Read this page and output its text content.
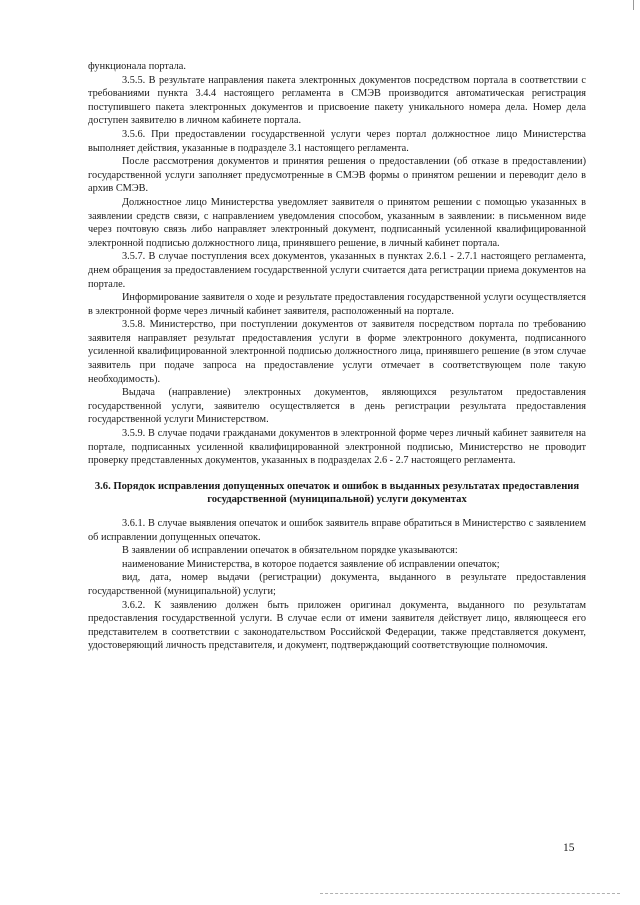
функционала портала.

3.5.5. В результате направления пакета электронных документов посредством портала в соответствии с требованиями пункта 3.4.4 настоящего регламента в СМЭВ производится автоматическая регистрация поступившего пакета электронных документов и присвоение пакету уникального номера дела. Номер дела доступен заявителю в личном кабинете портала.

3.5.6. При предоставлении государственной услуги через портал должностное лицо Министерства выполняет действия, указанные в подразделе 3.1 настоящего регламента.

После рассмотрения документов и принятия решения о предоставлении (об отказе в предоставлении) государственной услуги заполняет предусмотренные в СМЭВ формы о принятом решении и переводит дело в архив СМЭВ.

Должностное лицо Министерства уведомляет заявителя о принятом решении с помощью указанных в заявлении средств связи, с направлением уведомления способом, указанным в заявлении: в письменном виде через почтовую связь либо направляет электронный документ, подписанный усиленной квалифицированной электронной подписью должностного лица, принявшего решение, в личный кабинет портала.

3.5.7. В случае поступления всех документов, указанных в пунктах 2.6.1 - 2.7.1 настоящего регламента, днем обращения за предоставлением государственной услуги считается дата регистрации приема документов на портале.

Информирование заявителя о ходе и результате предоставления государственной услуги осуществляется в электронной форме через личный кабинет заявителя, расположенный на портале.

3.5.8. Министерство, при поступлении документов от заявителя посредством портала по требованию заявителя направляет результат предоставления услуги в форме электронного документа, подписанного усиленной квалифицированной электронной подписью должностного лица, принявшего решение (в этом случае заявитель при подаче запроса на предоставление услуги отмечает в соответствующем поле такую необходимость).

Выдача (направление) электронных документов, являющихся результатом предоставления государственной услуги, заявителю осуществляется в день регистрации результата предоставления государственной услуги Министерством.

3.5.9. В случае подачи гражданами документов в электронной форме через личный кабинет заявителя на портале, подписанных усиленной квалифицированной электронной подписью, Министерство не проводит проверку представленных документов, указанных в подразделах 2.6 - 2.7 настоящего регламента.

3.6. Порядок исправления допущенных опечаток и ошибок в выданных результатах предоставления государственной (муниципальной) услуги документах

3.6.1. В случае выявления опечаток и ошибок заявитель вправе обратиться в Министерство с заявлением об исправлении допущенных опечаток.

В заявлении об исправлении опечаток в обязательном порядке указываются:

наименование Министерства, в которое подается заявление об исправлении опечаток;

вид, дата, номер выдачи (регистрации) документа, выданного в результате предоставления государственной (муниципальной) услуги;

3.6.2. К заявлению должен быть приложен оригинал документа, выданного по результатам предоставления государственной услуги. В случае если от имени заявителя действует лицо, являющееся его представителем в соответствии с законодательством Российской Федерации, также представляется документ, удостоверяющий личность представителя, и документ, подтверждающий соответствующие полномочия.

15
